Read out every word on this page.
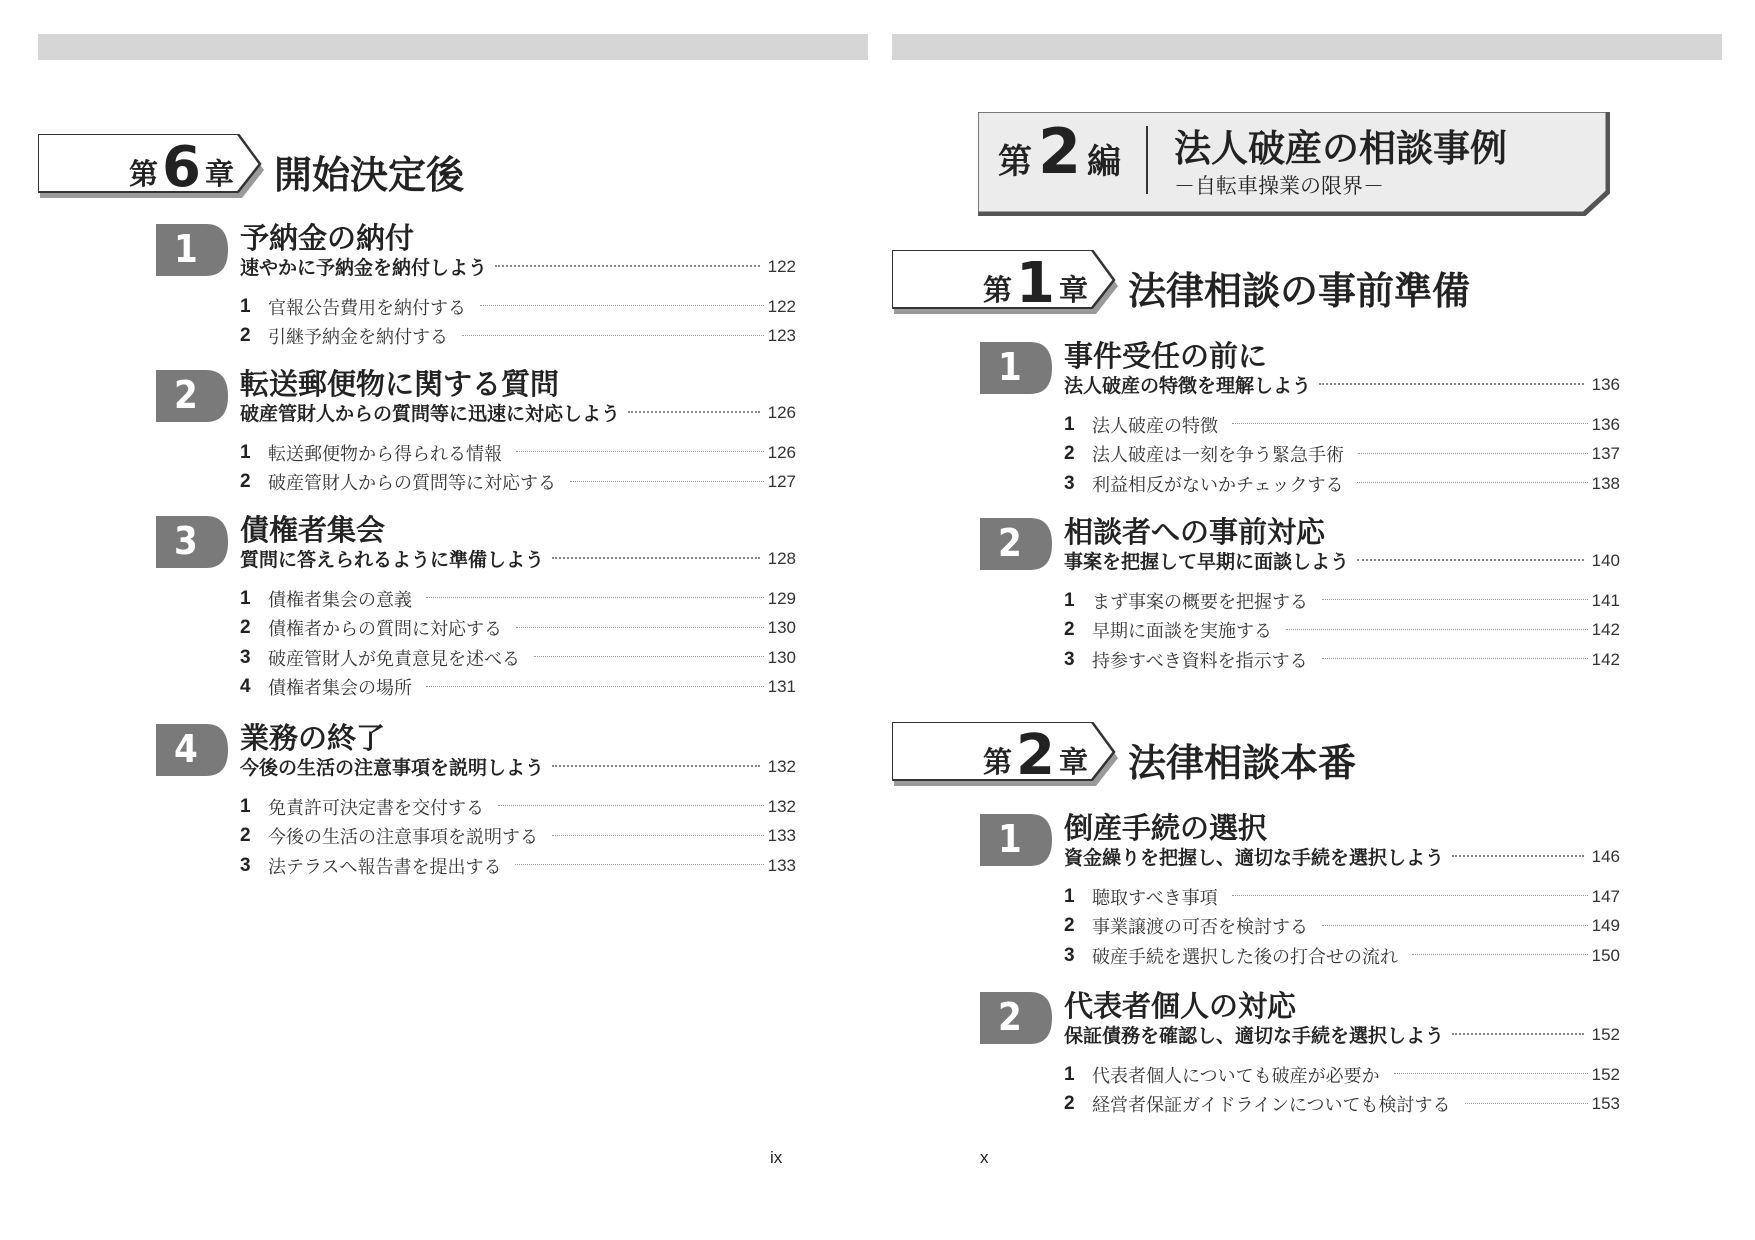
第 6 章 開始決定後
1 予納金の納付
速やかに予納金を納付しよう	122
1 官報公告費用を納付する	122
2 引継予納金を納付する	123
2 転送郵便物に関する質問
破産管財人からの質問等に迅速に対応しよう	126
1 転送郵便物から得られる情報	126
2 破産管財人からの質問等に対応する	127
3 債権者集会
質問に答えられるように準備しよう	128
1 債権者集会の意義	129
2 債権者からの質問に対応する	130
3 破産管財人が免責意見を述べる	130
4 債権者集会の場所	131
4 業務の終了
今後の生活の注意事項を説明しよう	132
1 免責許可決定書を交付する	132
2 今後の生活の注意事項を説明する	133
3 法テラスへ報告書を提出する	133
ix
第 2 編 法人破産の相談事例
－自転車操業の限界－
第 1 章 法律相談の事前準備
第 2 章 法律相談本番
1 事件受任の前に
法人破産の特徴を理解しよう	136
1 法人破産の特徴	136
2 法人破産は一刻を争う緊急手術	137
3 利益相反がないかチェックする	138
2 相談者への事前対応
事案を把握して早期に面談しよう	140
1 まず事案の概要を把握する	141
2 早期に面談を実施する	142
3 持参すべき資料を指示する	142
1 倒産手続の選択
資金繰りを把握し、適切な手続を選択しよう	146
1 聴取すべき事項	147
2 事業譲渡の可否を検討する	149
3 破産手続を選択した後の打合せの流れ	150
2 代表者個人の対応
保証債務を確認し、適切な手続を選択しよう	152
1 代表者個人についても破産が必要か	152
2 経営者保証ガイドラインについても検討する	153
x
